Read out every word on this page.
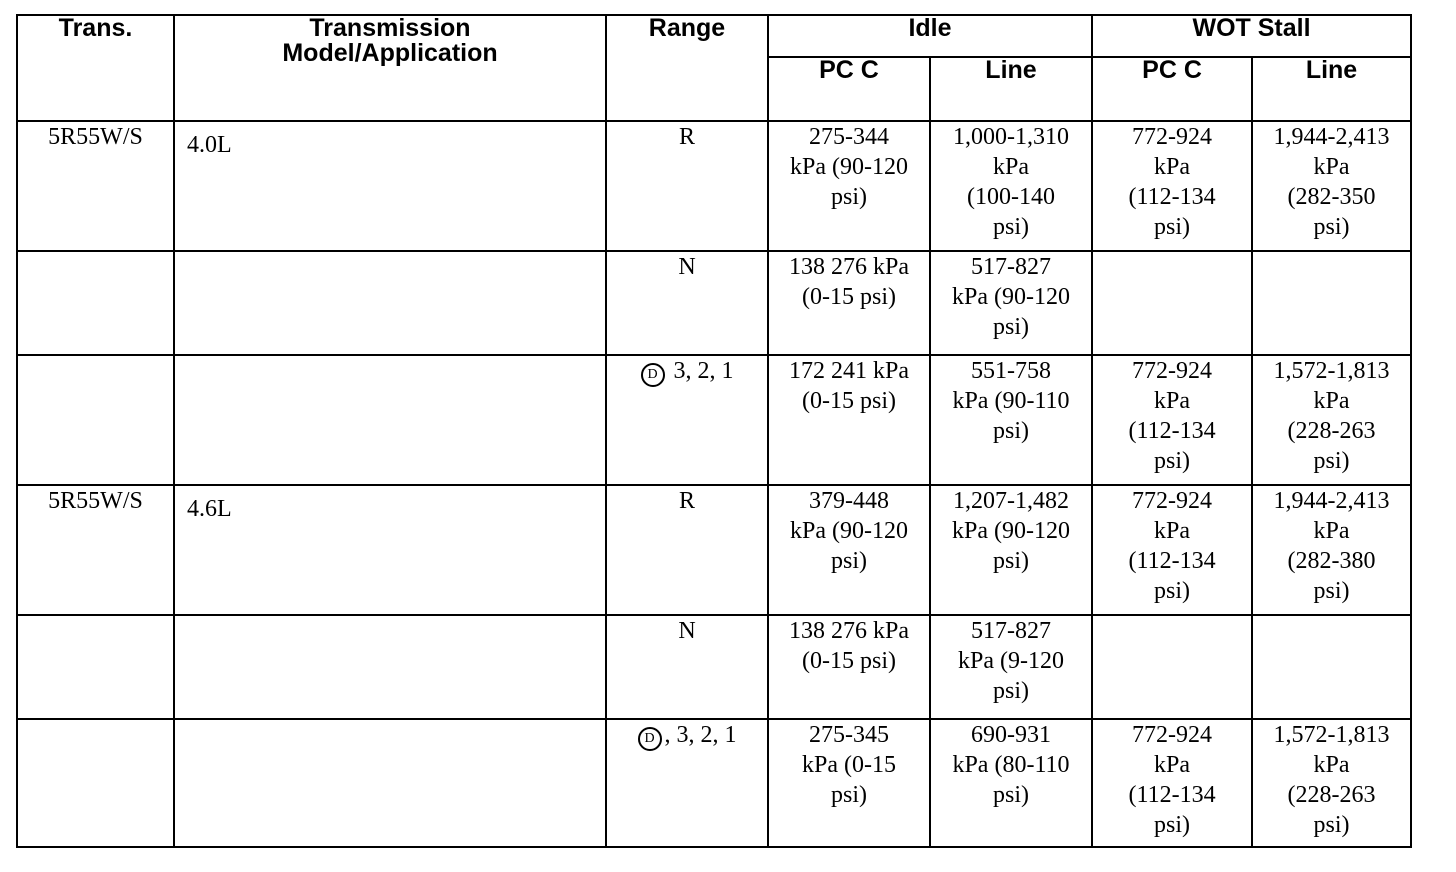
Trans.	Transmission
Model/Application	Range	Idle		WOT Stall	
			PC C	Line	PC C	Line
5R55W/S	4.0L	R	275-344
kPa (90-120
psi)	1,000-1,310
kPa
(100-140
psi)	772-924
kPa
(112-134
psi)	1,944-2,413
kPa
(282-350
psi)
		N	138 276 kPa
(0-15 psi)	517-827
kPa (90-120
psi)		
		D 3, 2, 1	172 241 kPa
(0-15 psi)	551-758
kPa (90-110
psi)	772-924
kPa
(112-134
psi)	1,572-1,813
kPa
(228-263
psi)
5R55W/S	4.6L	R	379-448
kPa (90-120
psi)	1,207-1,482
kPa (90-120
psi)	772-924
kPa
(112-134
psi)	1,944-2,413
kPa
(282-380
psi)
		N	138 276 kPa
(0-15 psi)	517-827
kPa (9-120
psi)		
		D , 3, 2, 1	275-345
kPa (0-15
psi)	690-931
kPa (80-110
psi)	772-924
kPa
(112-134
psi)	1,572-1,813
kPa
(228-263
psi)
